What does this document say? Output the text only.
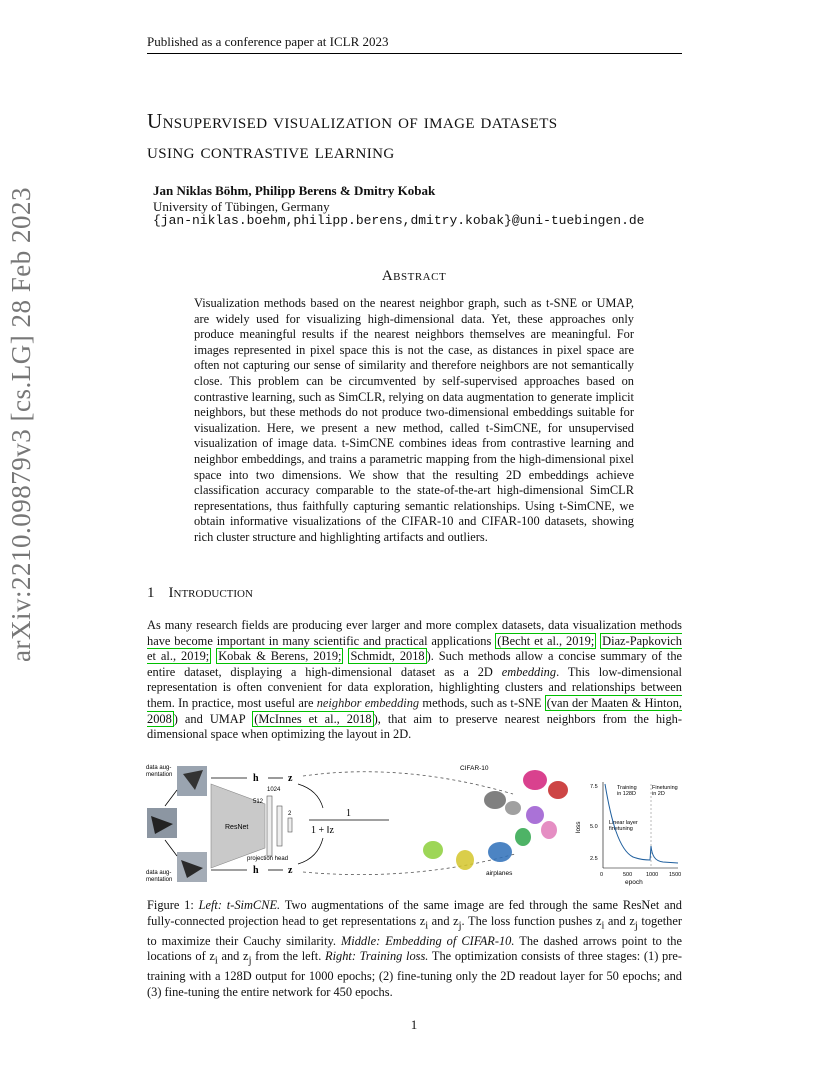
Published as a conference paper at ICLR 2023
Unsupervised visualization of image datasets
using contrastive learning
Jan Niklas Böhm, Philipp Berens & Dmitry Kobak
University of Tübingen, Germany
{jan-niklas.boehm,philipp.berens,dmitry.kobak}@uni-tuebingen.de
Abstract
Visualization methods based on the nearest neighbor graph, such as t-SNE or UMAP, are widely used for visualizing high-dimensional data. Yet, these approaches only produce meaningful results if the nearest neighbors themselves are meaningful. For images represented in pixel space this is not the case, as distances in pixel space are often not capturing our sense of similarity and therefore neighbors are not semantically close. This problem can be circumvented by self-supervised approaches based on contrastive learning, such as SimCLR, relying on data augmentation to generate implicit neighbors, but these methods do not produce two-dimensional embeddings suitable for visualization. Here, we present a new method, called t-SimCNE, for unsupervised visualization of image data. t-SimCNE combines ideas from contrastive learning and neighbor embeddings, and trains a parametric mapping from the high-dimensional pixel space into two dimensions. We show that the resulting 2D embeddings achieve classification accuracy comparable to the state-of-the-art high-dimensional SimCLR representations, thus faithfully capturing semantic relationships. Using t-SimCNE, we obtain informative visualizations of the CIFAR-10 and CIFAR-100 datasets, showing rich cluster structure and highlighting artifacts and outliers.
1 Introduction
As many research fields are producing ever larger and more complex datasets, data visualization methods have become important in many scientific and practical applications (Becht et al., 2019; Diaz-Papkovich et al., 2019; Kobak & Berens, 2019; Schmidt, 2018 ). Such methods allow a concise summary of the entire dataset, displaying a high-dimensional dataset as a 2D embedding. This low-dimensional representation is often convenient for data exploration, highlighting clusters and relationships between them. In practice, most useful are neighbor embedding methods, such as t-SNE (van der Maaten & Hinton, 2008 ) and UMAP (McInnes et al., 2018 ), that aim to preserve nearest neighbors from the high-dimensional space when optimizing the layout in 2D.
arXiv:2210.09879v3 [cs.LG] 28 Feb 2023
data aug-
mentation
data aug-
mentation
ResNet
1024
512
2
projection head
h	z
h	z
1
1 + ‖z
CIFAR-10
airplanes
7.5
5.0
2.5
0	500	1000 1500
loss
epoch
Training
in 128D
Finetuning
in 2D
Linear layer
finetuning
Figure 1: Left: t-SimCNE. Two augmentations of the same image are fed through the same ResNet and fully-connected projection head to get representations $z_i$ and $z_j$. The loss function pushes $z_i$ and $z_j$ together to maximize their Cauchy similarity. Middle: Embedding of CIFAR-10. The dashed arrows point to the locations of $z_i$ and $z_j$ from the left. Right: Training loss. The optimization consists of three stages: (1) pre-training with a 128D output for 1000 epochs; (2) fine-tuning only the 2D readout layer for 50 epochs; and (3) fine-tuning the entire network for 450 epochs.
1
